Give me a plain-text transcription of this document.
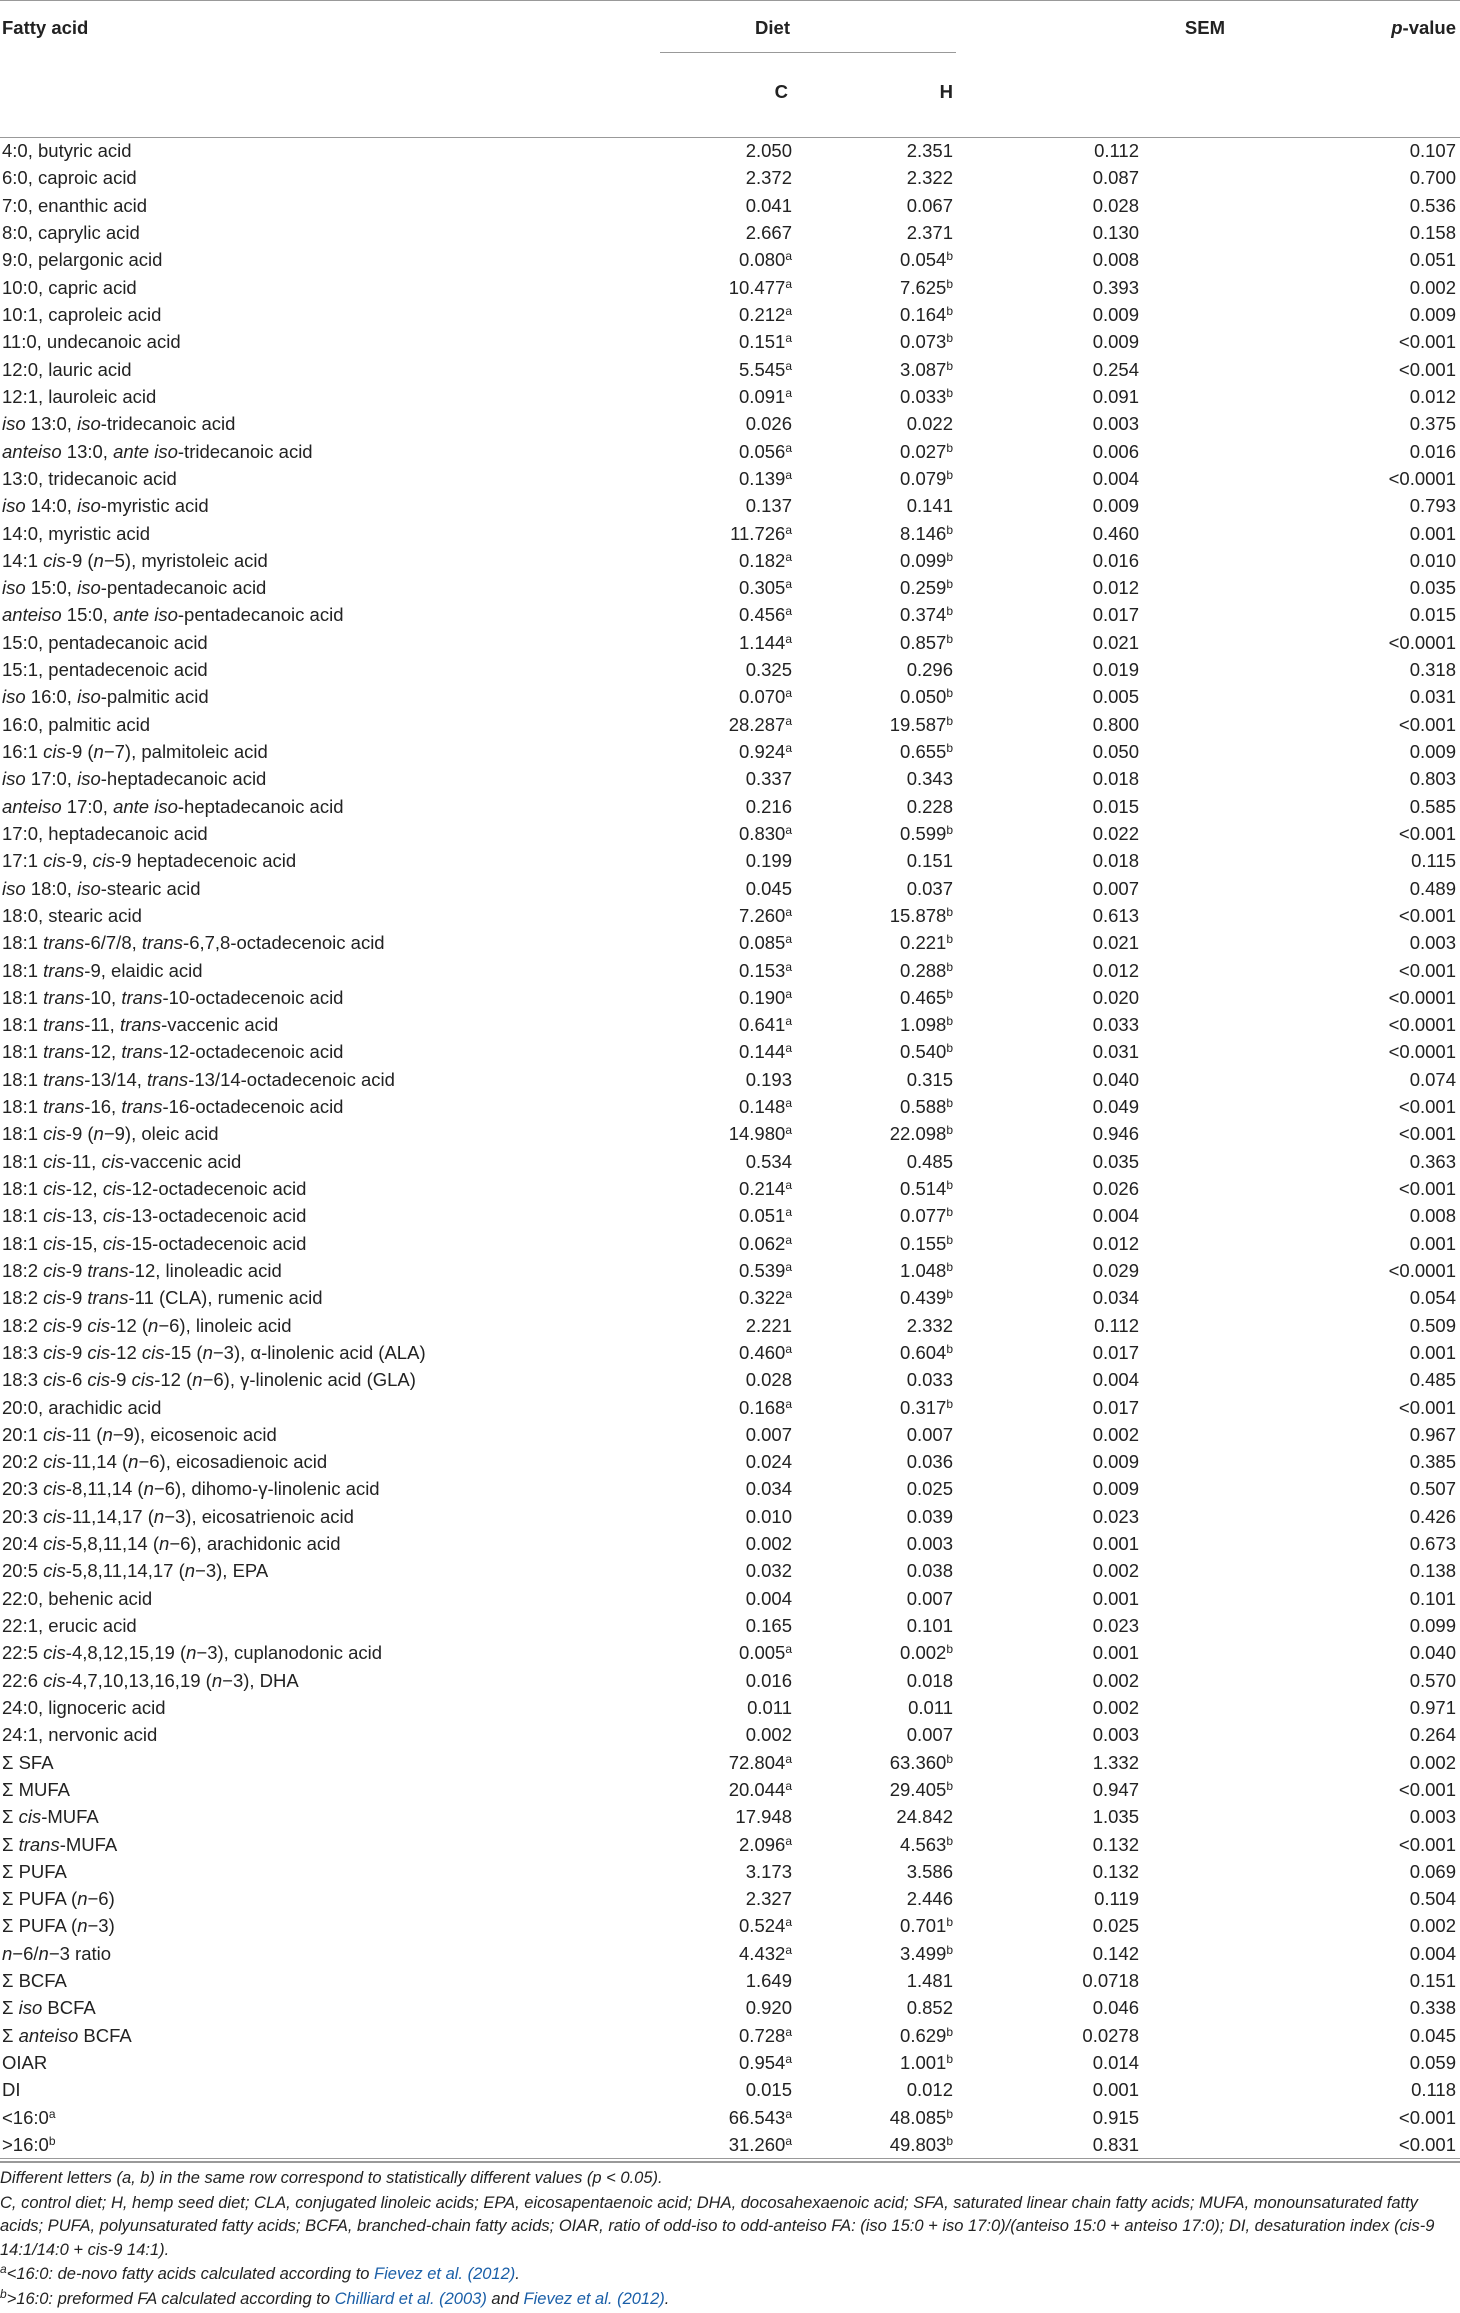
Fatty acid	Diet		SEM	p-value
	C	H		
4:0, butyric acid	2.050	2.351	0.112	0.107
6:0, caproic acid	2.372	2.322	0.087	0.700
7:0, enanthic acid	0.041	0.067	0.028	0.536
8:0, caprylic acid	2.667	2.371	0.130	0.158
9:0, pelargonic acid	0.080$^a$	0.054$^b$	0.008	0.051
10:0, capric acid	10.477$^a$	7.625$^b$	0.393	0.002
10:1, caproleic acid	0.212$^a$	0.164$^b$	0.009	0.009
11:0, undecanoic acid	0.151$^a$	0.073$^b$	0.009	<0.001
12:0, lauric acid	5.545$^a$	3.087$^b$	0.254	<0.001
12:1, lauroleic acid	0.091$^a$	0.033$^b$	0.091	0.012
iso 13:0, iso-tridecanoic acid	0.026	0.022	0.003	0.375
anteiso 13:0, ante iso-tridecanoic acid	0.056$^a$	0.027$^b$	0.006	0.016
13:0, tridecanoic acid	0.139$^a$	0.079$^b$	0.004	<0.0001
iso 14:0, iso-myristic acid	0.137	0.141	0.009	0.793
14:0, myristic acid	11.726$^a$	8.146$^b$	0.460	0.001
14:1 cis-9 (n−5), myristoleic acid	0.182$^a$	0.099$^b$	0.016	0.010
iso 15:0, iso-pentadecanoic acid	0.305$^a$	0.259$^b$	0.012	0.035
anteiso 15:0, ante iso-pentadecanoic acid	0.456$^a$	0.374$^b$	0.017	0.015
15:0, pentadecanoic acid	1.144$^a$	0.857$^b$	0.021	<0.0001
15:1, pentadecenoic acid	0.325	0.296	0.019	0.318
iso 16:0, iso-palmitic acid	0.070$^a$	0.050$^b$	0.005	0.031
16:0, palmitic acid	28.287$^a$	19.587$^b$	0.800	<0.001
16:1 cis-9 (n−7), palmitoleic acid	0.924$^a$	0.655$^b$	0.050	0.009
iso 17:0, iso-heptadecanoic acid	0.337	0.343	0.018	0.803
anteiso 17:0, ante iso-heptadecanoic acid	0.216	0.228	0.015	0.585
17:0, heptadecanoic acid	0.830$^a$	0.599$^b$	0.022	<0.001
17:1 cis-9, cis-9 heptadecenoic acid	0.199	0.151	0.018	0.115
iso 18:0, iso-stearic acid	0.045	0.037	0.007	0.489
18:0, stearic acid	7.260$^a$	15.878$^b$	0.613	<0.001
18:1 trans-6/7/8, trans-6,7,8-octadecenoic acid	0.085$^a$	0.221$^b$	0.021	0.003
18:1 trans-9, elaidic acid	0.153$^a$	0.288$^b$	0.012	<0.001
18:1 trans-10, trans-10-octadecenoic acid	0.190$^a$	0.465$^b$	0.020	<0.0001
18:1 trans-11, trans-vaccenic acid	0.641$^a$	1.098$^b$	0.033	<0.0001
18:1 trans-12, trans-12-octadecenoic acid	0.144$^a$	0.540$^b$	0.031	<0.0001
18:1 trans-13/14, trans-13/14-octadecenoic acid	0.193	0.315	0.040	0.074
18:1 trans-16, trans-16-octadecenoic acid	0.148$^a$	0.588$^b$	0.049	<0.001
18:1 cis-9 (n−9), oleic acid	14.980$^a$	22.098$^b$	0.946	<0.001
18:1 cis-11, cis-vaccenic acid	0.534	0.485	0.035	0.363
18:1 cis-12, cis-12-octadecenoic acid	0.214$^a$	0.514$^b$	0.026	<0.001
18:1 cis-13, cis-13-octadecenoic acid	0.051$^a$	0.077$^b$	0.004	0.008
18:1 cis-15, cis-15-octadecenoic acid	0.062$^a$	0.155$^b$	0.012	0.001
18:2 cis-9 trans-12, linoleadic acid	0.539$^a$	1.048$^b$	0.029	<0.0001
18:2 cis-9 trans-11 (CLA), rumenic acid	0.322$^a$	0.439$^b$	0.034	0.054
18:2 cis-9 cis-12 (n−6), linoleic acid	2.221	2.332	0.112	0.509
18:3 cis-9 cis-12 cis-15 (n−3), α-linolenic acid (ALA)	0.460$^a$	0.604$^b$	0.017	0.001
18:3 cis-6 cis-9 cis-12 (n−6), γ-linolenic acid (GLA)	0.028	0.033	0.004	0.485
20:0, arachidic acid	0.168$^a$	0.317$^b$	0.017	<0.001
20:1 cis-11 (n−9), eicosenoic acid	0.007	0.007	0.002	0.967
20:2 cis-11,14 (n−6), eicosadienoic acid	0.024	0.036	0.009	0.385
20:3 cis-8,11,14 (n−6), dihomo-γ-linolenic acid	0.034	0.025	0.009	0.507
20:3 cis-11,14,17 (n−3), eicosatrienoic acid	0.010	0.039	0.023	0.426
20:4 cis-5,8,11,14 (n−6), arachidonic acid	0.002	0.003	0.001	0.673
20:5 cis-5,8,11,14,17 (n−3), EPA	0.032	0.038	0.002	0.138
22:0, behenic acid	0.004	0.007	0.001	0.101
22:1, erucic acid	0.165	0.101	0.023	0.099
22:5 cis-4,8,12,15,19 (n−3), cuplanodonic acid	0.005$^a$	0.002$^b$	0.001	0.040
22:6 cis-4,7,10,13,16,19 (n−3), DHA	0.016	0.018	0.002	0.570
24:0, lignoceric acid	0.011	0.011	0.002	0.971
24:1, nervonic acid	0.002	0.007	0.003	0.264
Σ SFA	72.804$^a$	63.360$^b$	1.332	0.002
Σ MUFA	20.044$^a$	29.405$^b$	0.947	<0.001
Σ cis-MUFA	17.948	24.842	1.035	0.003
Σ trans-MUFA	2.096$^a$	4.563$^b$	0.132	<0.001
Σ PUFA	3.173	3.586	0.132	0.069
Σ PUFA (n−6)	2.327	2.446	0.119	0.504
Σ PUFA (n−3)	0.524$^a$	0.701$^b$	0.025	0.002
n−6/n−3 ratio	4.432$^a$	3.499$^b$	0.142	0.004
Σ BCFA	1.649	1.481	0.0718	0.151
Σ iso BCFA	0.920	0.852	0.046	0.338
Σ anteiso BCFA	0.728$^a$	0.629$^b$	0.0278	0.045
OIAR	0.954$^a$	1.001$^b$	0.014	0.059
DI	0.015	0.012	0.001	0.118
$<16:0^a$	66.543$^a$	48.085$^b$	0.915	<0.001
$>16:0^b$	31.260$^a$	49.803$^b$	0.831	<0.001

Different letters (a, b) in the same row correspond to statistically different values (p < 0.05).

C, control diet; H, hemp seed diet; CLA, conjugated linoleic acids; EPA, eicosapentaenoic acid; DHA, docosahexaenoic acid; SFA, saturated linear chain fatty acids; MUFA, monounsaturated fatty acids; PUFA, polyunsaturated fatty acids; BCFA, branched-chain fatty acids; OIAR, ratio of odd-iso to odd-anteiso FA: (iso 15:0 + iso 17:0)/(anteiso 15:0 + anteiso 17:0); DI, desaturation index (cis-9 14:1/14:0 + cis-9 14:1).

$^a$<16:0: de-novo fatty acids calculated according to Fievez et al. (2012).

$^b$>16:0: preformed FA calculated according to Chilliard et al. (2003) and Fievez et al. (2012).
